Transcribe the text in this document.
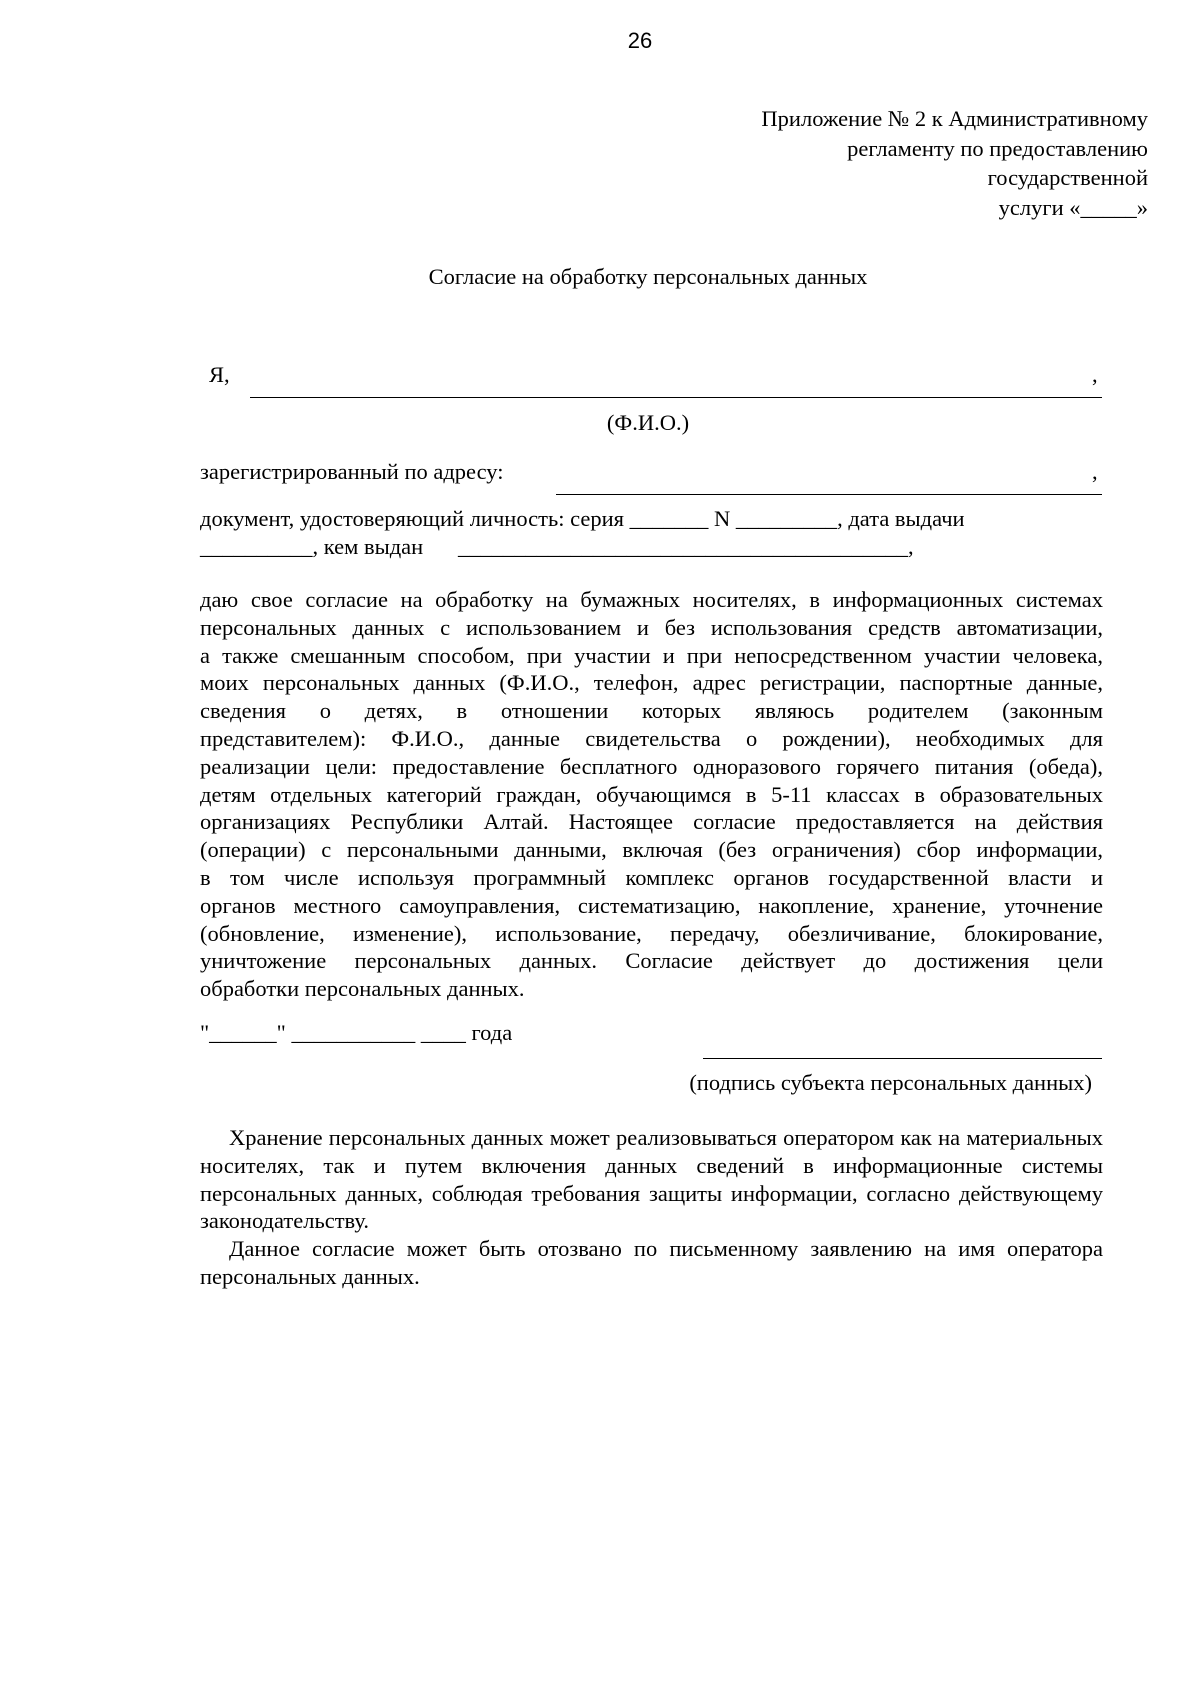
26
Приложение № 2 к Административному
регламенту по предоставлению
государственной
услуги «_____»
Согласие на обработку персональных данных
Я,	,
(Ф.И.О.)
зарегистрированный по адресу:	,
документ, удостоверяющий личность: серия _______ N _________, дата выдачи
__________, кем выдан ________________________________________,
даю свое согласие на обработку на бумажных носителях, в информационных системах
персональных данных с использованием и без использования средств автоматизации,
а также смешанным способом, при участии и при непосредственном участии человека,
моих персональных данных (Ф.И.О., телефон, адрес регистрации, паспортные данные,
сведения о детях, в отношении которых являюсь родителем (законным
представителем): Ф.И.О., данные свидетельства о рождении), необходимых для
реализации цели: предоставление бесплатного одноразового горячего питания (обеда),
детям отдельных категорий граждан, обучающимся в 5-11 классах в образовательных
организациях Республики Алтай. Настоящее согласие предоставляется на действия
(операции) с персональными данными, включая (без ограничения) сбор информации,
в том числе используя программный комплекс органов государственной власти и
органов местного самоуправления, систематизацию, накопление, хранение, уточнение
(обновление, изменение), использование, передачу, обезличивание, блокирование,
уничтожение персональных данных. Согласие действует до достижения цели
обработки персональных данных.
"______" ___________ ____ года
(подпись субъекта персональных данных)

Хранение персональных данных может реализовываться оператором как на материальных носителях, так и путем включения данных сведений в информационные системы персональных данных, соблюдая требования защиты информации, согласно действующему законодательству.

Данное согласие может быть отозвано по письменному заявлению на имя оператора персональных данных.
